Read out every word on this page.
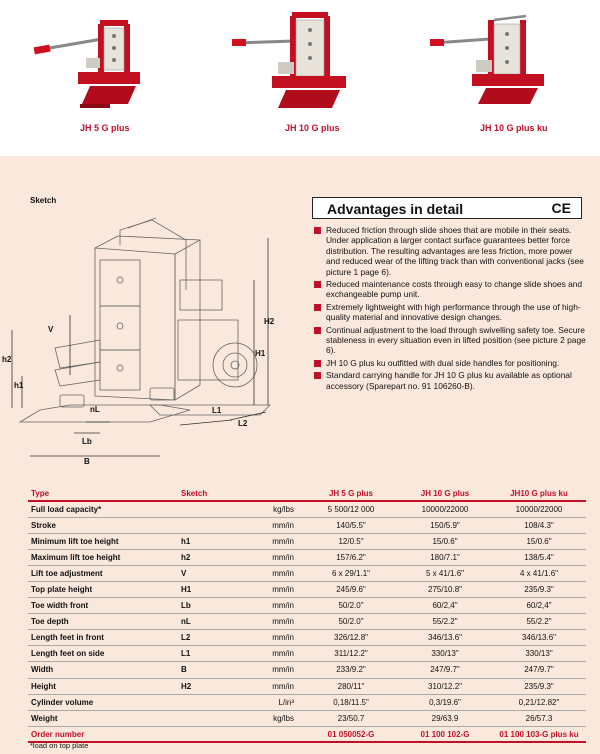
JH 5 G plus	JH 10 G plus	JH 10 G plus ku
Sketch
h2
h1
V
H2
H1
L1
L2
nL
Lb
B
Advantages in detail	CE
Reduced friction through slide shoes that are mobile in their seats. Under application a larger contact surface guarantees better force distribution. The resulting advantages are less friction, more power and reduced wear of the lifting track than with conventional jacks (see picture 1 page 6).
Reduced maintenance costs through easy to change slide shoes and exchangeable pump unit.
Extremely lightweight with high performance through the use of high-quality material and innovative design changes.
Continual adjustment to the load through swivelling safety toe. Secure stableness in every situation even in lifted position (see picture 2 page 6).
JH 10 G plus ku outfitted with dual side handles for positioning.
Standard carrying handle for JH 10 G plus ku available as optional accessory (Sparepart no. 91 106260-B).
Type	Sketch		JH 5 G plus	JH 10 G plus	JH10 G plus ku
Full load capacity*		kg/lbs	5 500/12 000	10000/22000	10000/22000
Stroke		mm/in	140/5.5"	150/5.9"	108/4.3"
Minimum lift toe height	h1	mm/in	12/0.5"	15/0.6"	15/0.6"
Maximum lift toe height	h2	mm/in	157/6.2"	180/7.1"	138/5.4"
Lift toe adjustment	V	mm/in	6 x 29/1.1"	5 x 41/1.6"	4 x 41/1.6"
Top plate height	H1	mm/in	245/9.6"	275/10.8"	235/9.3"
Toe width front	Lb	mm/in	50/2.0"	60/2,4"	60/2,4"
Toe depth	nL	mm/in	50/2.0"	55/2.2"	55/2.2"
Length feet in front	L2	mm/in	326/12.8"	346/13.6"	346/13.6"
Length feet on side	L1	mm/in	311/12.2"	330/13"	330/13"
Width	B	mm/in	233/9.2"	247/9.7"	247/9.7"
Height	H2	mm/in	280/11"	310/12.2"	235/9.3"
Cylinder volume		L/in³	0,18/11.5"	0,3/19.6"	0,21/12.82"
Weight		kg/lbs	23/50.7	29/63.9	26/57.3
Order number			01 050052-G	01 100 102-G	01 100 103-G plus ku
*load on top plate
